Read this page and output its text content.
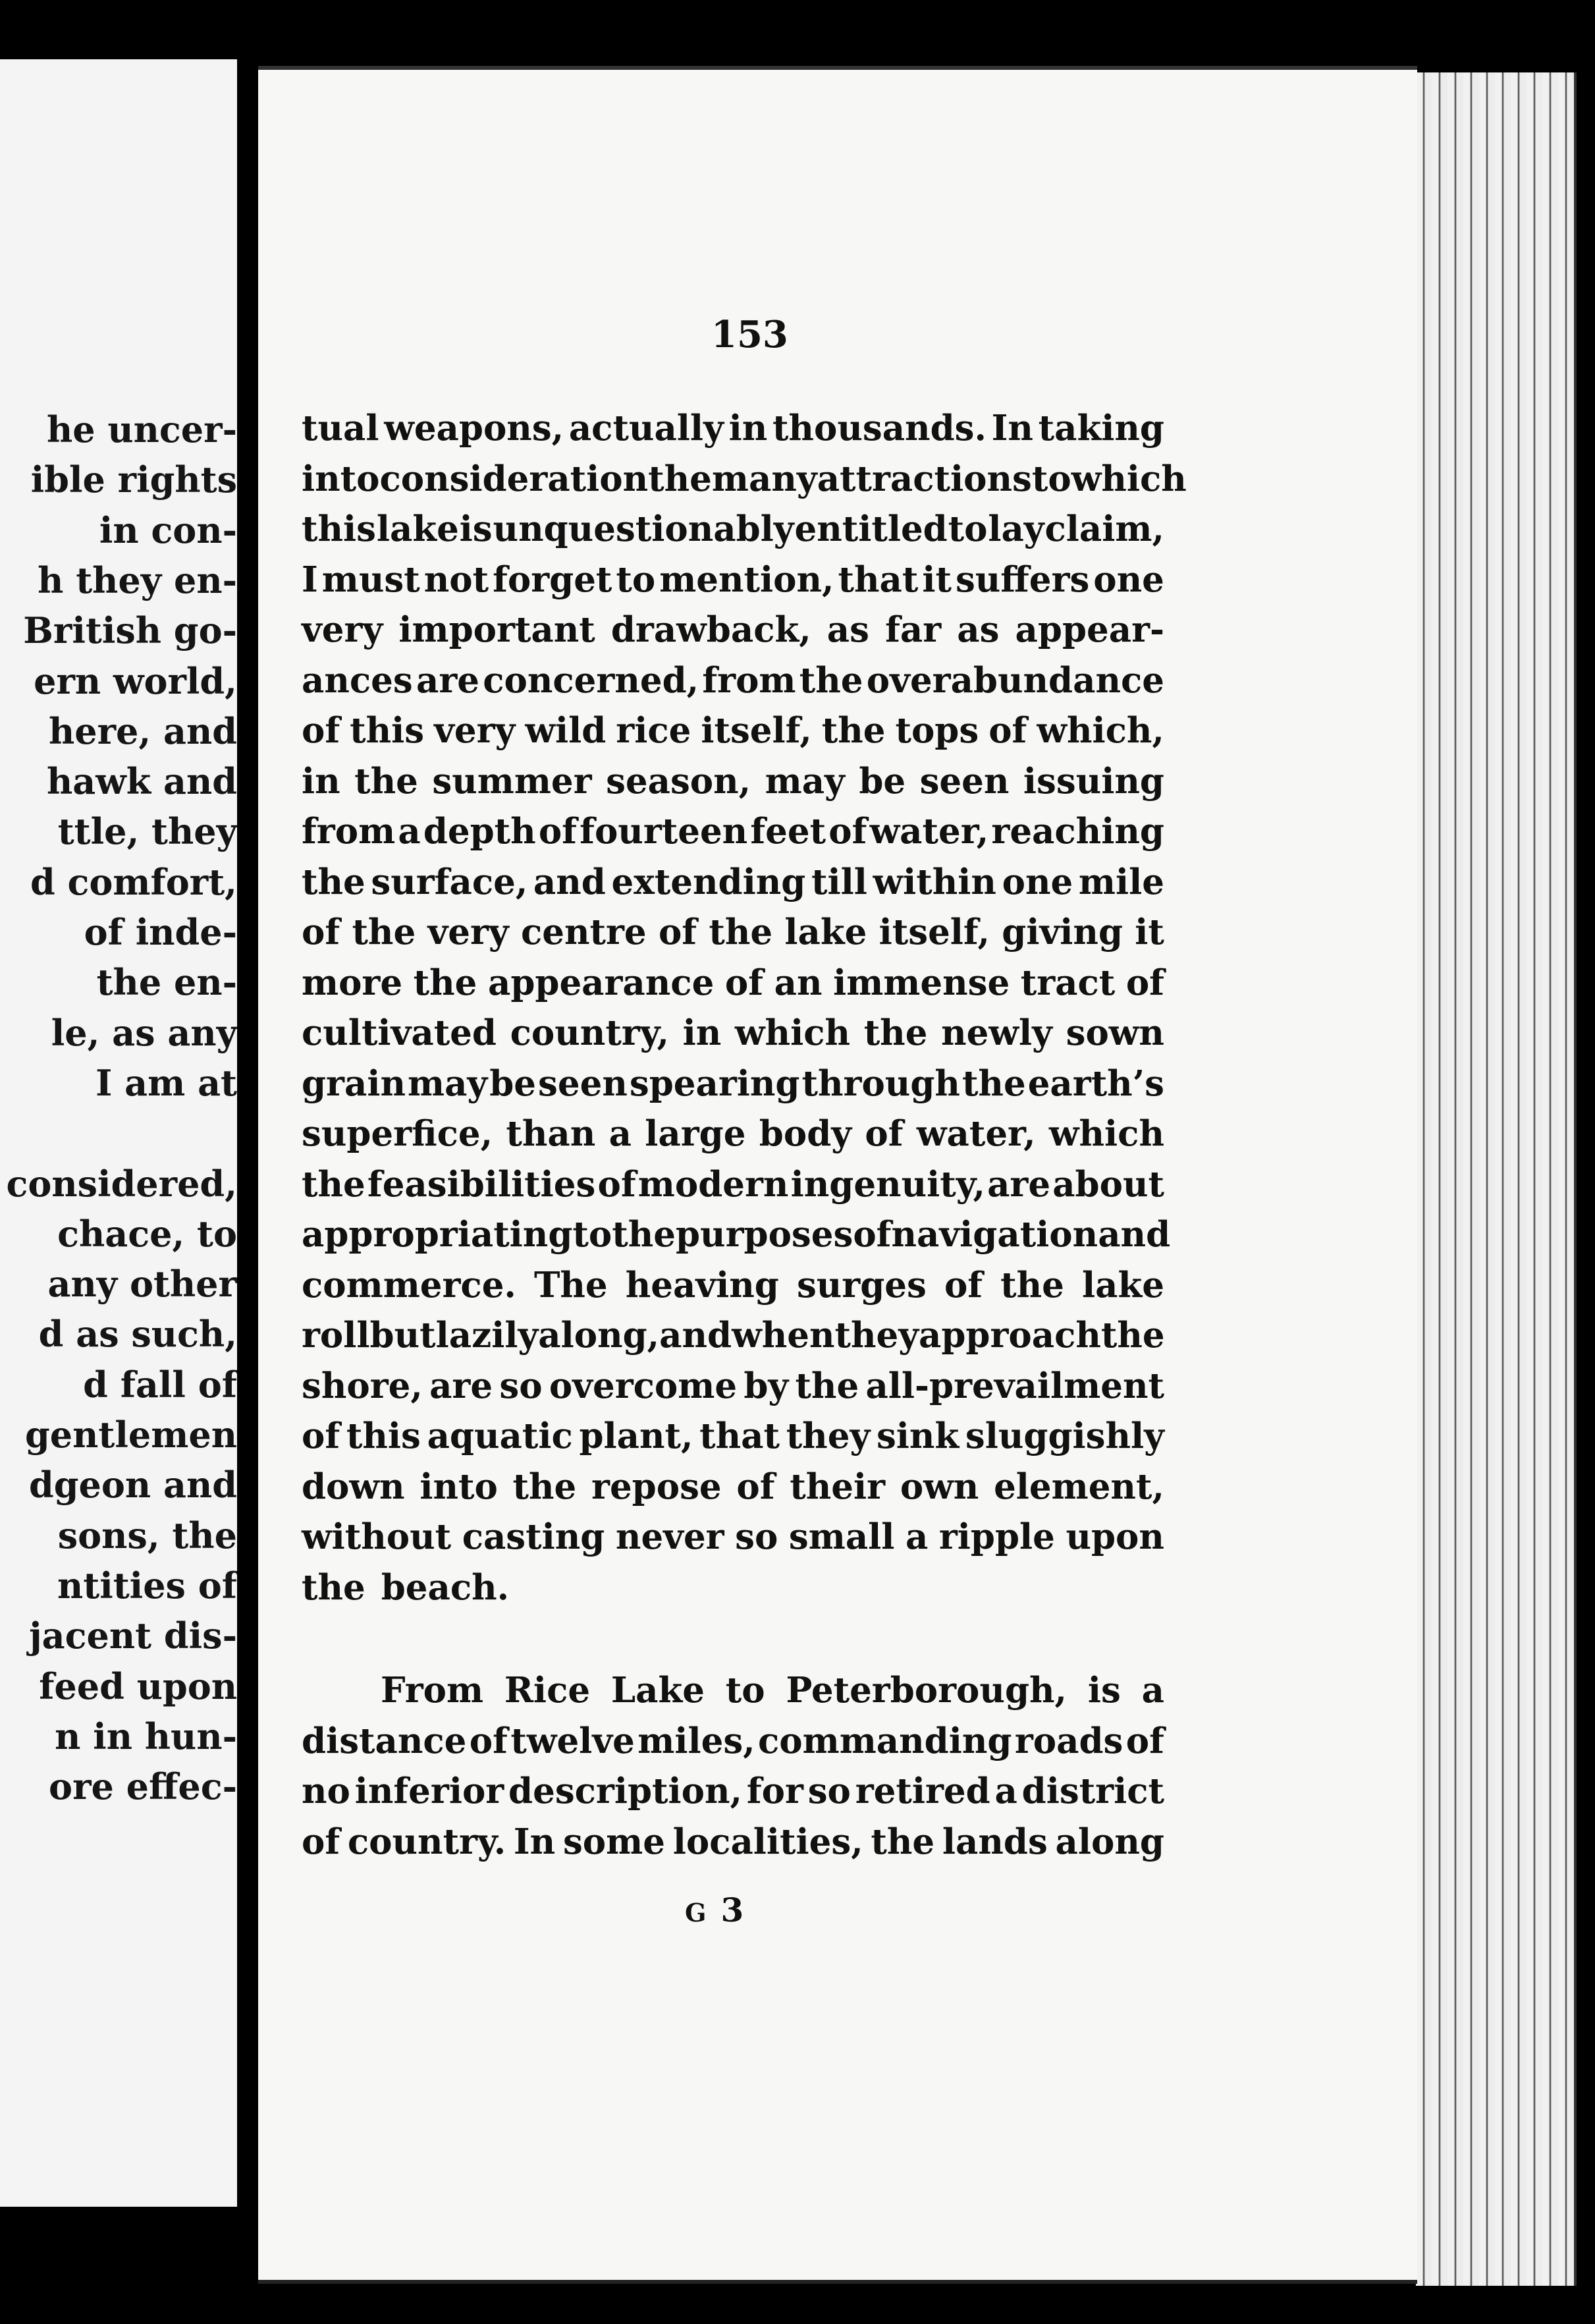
he uncer-
ible rights
in con-
h they en-
British go-
ern world,
here, and
hawk and
ttle, they
d comfort,
of inde-
the en-
le, as any
I am at
considered,
chace, to
any other
d as such,
d fall of
gentlemen
dgeon and
sons, the
ntities of
jacent dis-
feed upon
n in hun-
ore effec-
153
tual weapons, actually in thousands. In taking
into consideration the many attractions to which
this lake is unquestionably entitled to lay claim,
I must not forget to mention, that it suffers one
very important drawback, as far as appear-
ances are concerned, from the overabundance
of this very wild rice itself, the tops of which,
in the summer season, may be seen issuing
from a depth of fourteen feet of water, reaching
the surface, and extending till within one mile
of the very centre of the lake itself, giving it
more the appearance of an immense tract of
cultivated country, in which the newly sown
grain may be seen spearing through the earth’s
superfice, than a large body of water, which
the feasibilities of modern ingenuity, are about
appropriating to the purposes of navigation and
commerce. The heaving surges of the lake
roll but lazily along, and when they approach the
shore, are so overcome by the all-prevailment
of this aquatic plant, that they sink sluggishly
down into the repose of their own element,
without casting never so small a ripple upon
the beach.
From Rice Lake to Peterborough, is a
distance of twelve miles, commanding roads of
no inferior description, for so retired a district
of country. In some localities, the lands along
G 3
